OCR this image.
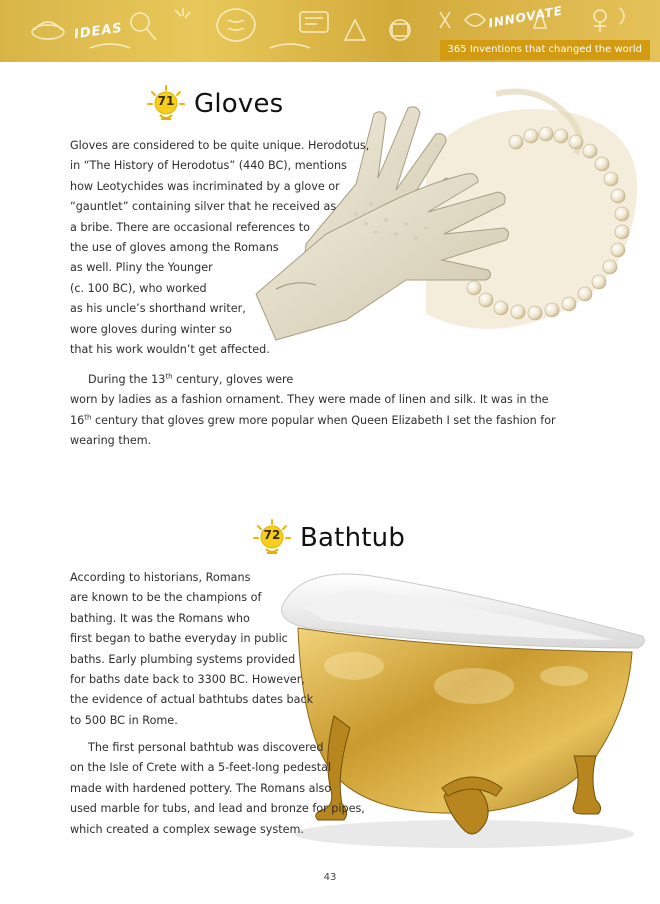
IDEAS
INNOVATE
365 Inventions that changed the world
71 Gloves
Gloves are considered to be quite unique. Herodotus,
in “The History of Herodotus” (440 BC), mentions
how Leotychides was incriminated by a glove or
“gauntlet” containing silver that he received as
a bribe. There are occasional references to
the use of gloves among the Romans
as well. Pliny the Younger
(c. 100 BC), who worked
as his uncle’s shorthand writer,
wore gloves during winter so
that his work wouldn’t get affected.
During the 13th century, gloves were
worn by ladies as a fashion ornament. They were made of linen and silk. It was in the
16th century that gloves grew more popular when Queen Elizabeth I set the fashion for
wearing them.
72 Bathtub
According to historians, Romans
are known to be the champions of
bathing. It was the Romans who
first began to bathe everyday in public
baths. Early plumbing systems provided
for baths date back to 3300 BC. However,
the evidence of actual bathtubs dates back
to 500 BC in Rome.
The first personal bathtub was discovered
on the Isle of Crete with a 5-feet-long pedestal
made with hardened pottery. The Romans also
used marble for tubs, and lead and bronze for pipes,
which created a complex sewage system.
43
